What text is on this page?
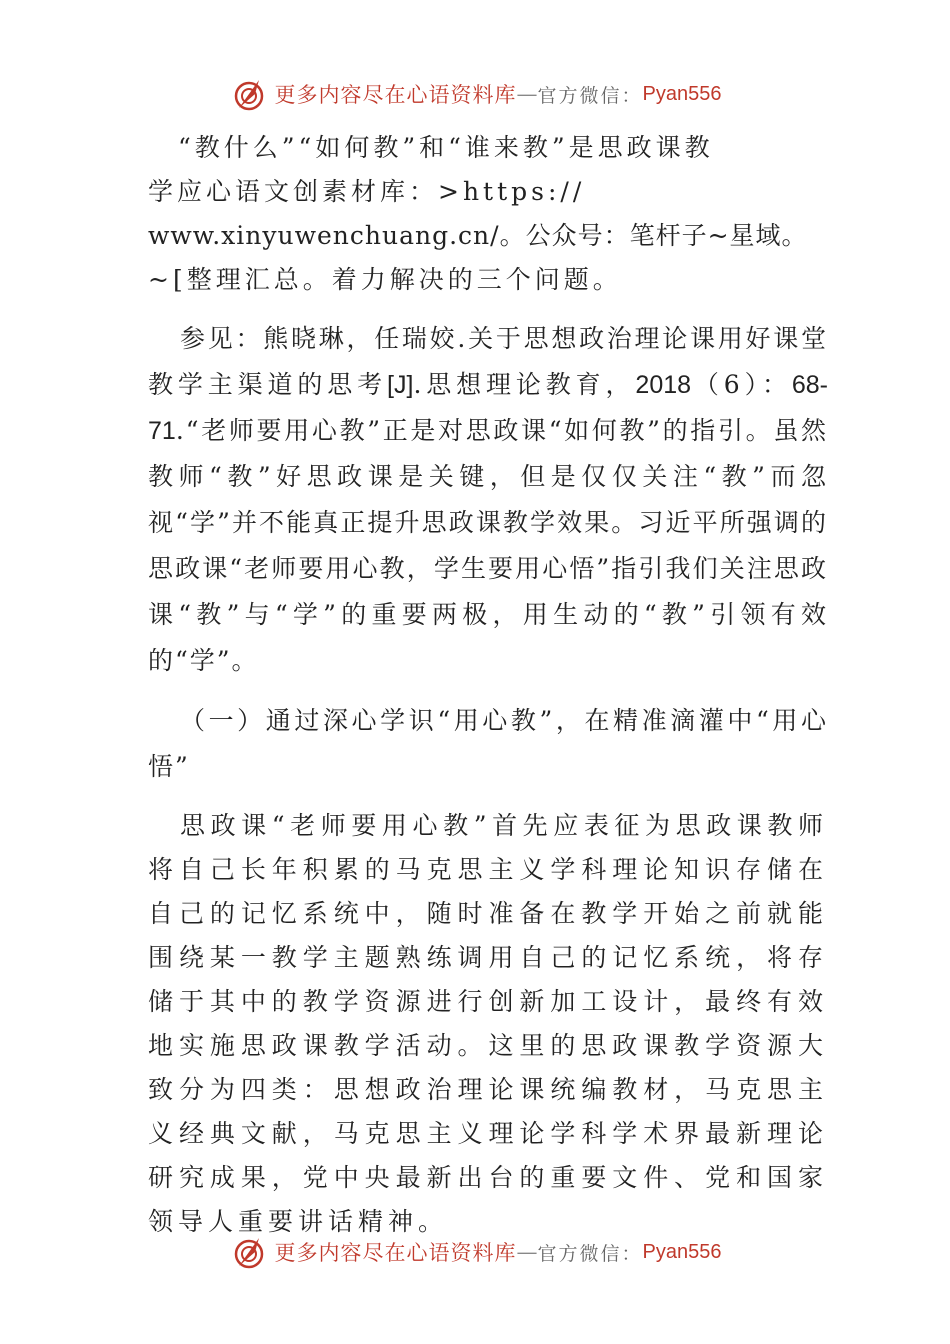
更多内容尽在心语资料库 — 官方微信： Pyan556

“教什么”“如何教”和“谁来教”是思政课教
学应心语文创素材库：>https://
www.xinyuwenchuang.cn/。公众号：笔杆子~星域。
~[整理汇总。着力解决的三个问题。

参见：熊晓琳，任瑞姣.关于思想政治理论课用好课堂教学主渠道的思考[J].思想理论教育，2018（6）：68-71.“老师要用心教”正是对思政课“如何教”的指引。虽然教师“教”好思政课是关键，但是仅仅关注“教”而忽视“学”并不能真正提升思政课教学效果。习近平所强调的思政课“老师要用心教，学生要用心悟”指引我们关注思政课“教”与“学”的重要两极，用生动的“教”引领有效的“学”。

（一）通过深心学识“用心教”，在精准滴灌中“用心悟”

思政课“老师要用心教”首先应表征为思政课教师将自己长年积累的马克思主义学科理论知识存储在自己的记忆系统中，随时准备在教学开始之前就能围绕某一教学主题熟练调用自己的记忆系统，将存储于其中的教学资源进行创新加工设计，最终有效地实施思政课教学活动。这里的思政课教学资源大致分为四类：思想政治理论课统编教材，马克思主义经典文献，马克思主义理论学科学术界最新理论研究成果，党中央最新出台的重要文件、党和国家领导人重要讲话精神。

更多内容尽在心语资料库 — 官方微信： Pyan556
